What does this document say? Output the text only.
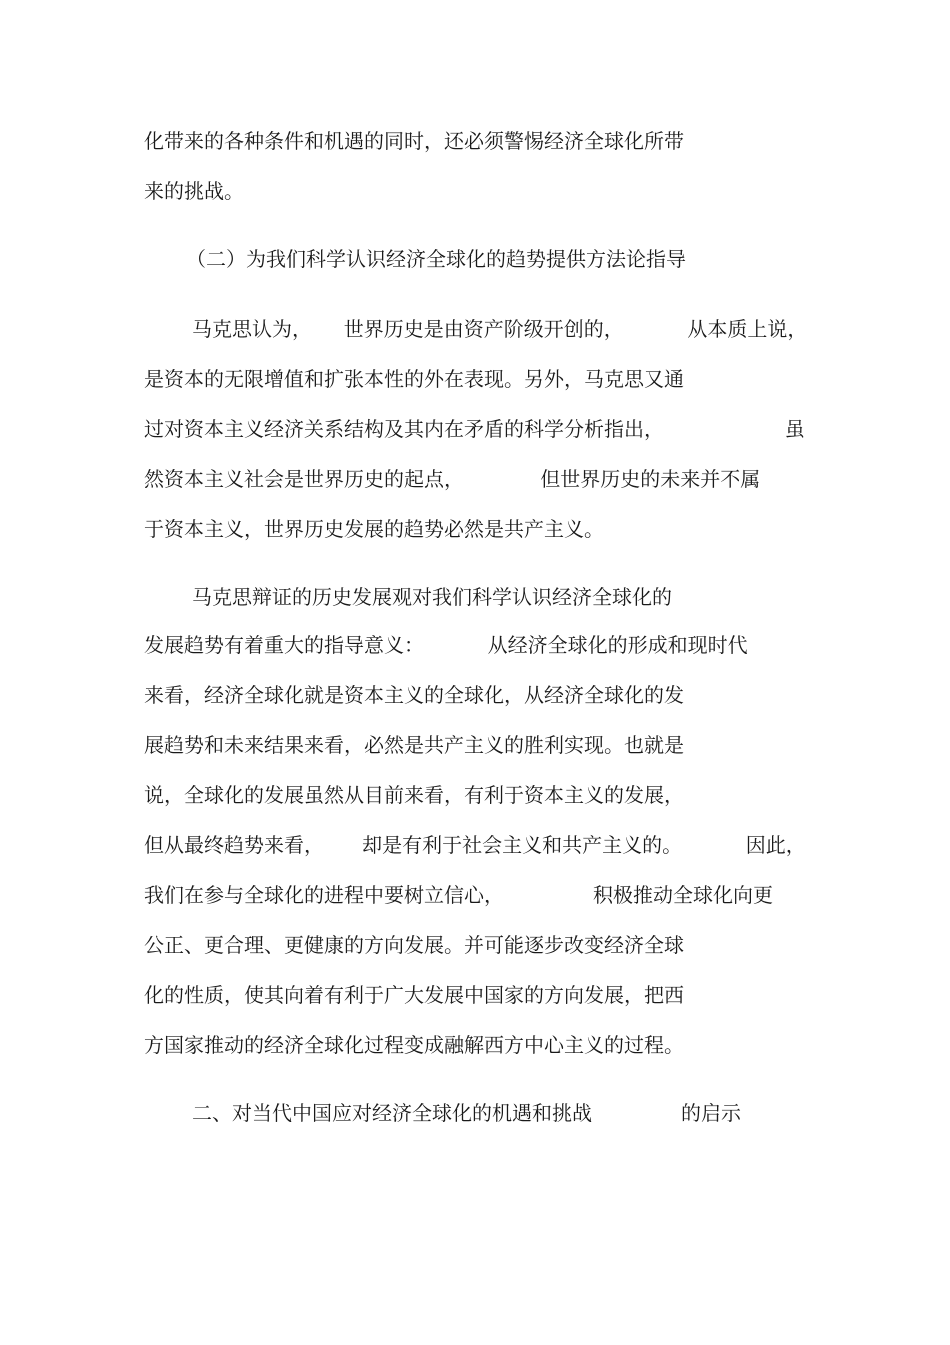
化带来的各种条件和机遇的同时，还必须警惕经济全球化所带

来的挑战。

（二）为我们科学认识经济全球化的趋势提供方法论指导

马克思认为，     世界历史是由资产阶级开创的，          从本质上说，

是资本的无限增值和扩张本性的外在表现。另外，马克思又通

过对资本主义经济关系结构及其内在矛盾的科学分析指出，                   虽

然资本主义社会是世界历史的起点，            但世界历史的未来并不属

于资本主义，世界历史发展的趋势必然是共产主义。

马克思辩证的历史发展观对我们科学认识经济全球化的

发展趋势有着重大的指导意义：          从经济全球化的形成和现时代

来看，经济全球化就是资本主义的全球化，从经济全球化的发

展趋势和未来结果来看，必然是共产主义的胜利实现。也就是

说，全球化的发展虽然从目前来看，有利于资本主义的发展，

但从最终趋势来看，      却是有利于社会主义和共产主义的。          因此，

我们在参与全球化的进程中要树立信心，              积极推动全球化向更

公正、更合理、更健康的方向发展。并可能逐步改变经济全球

化的性质，使其向着有利于广大发展中国家的方向发展，把西

方国家推动的经济全球化过程变成融解西方中心主义的过程。

二、对当代中国应对经济全球化的机遇和挑战              的启示
